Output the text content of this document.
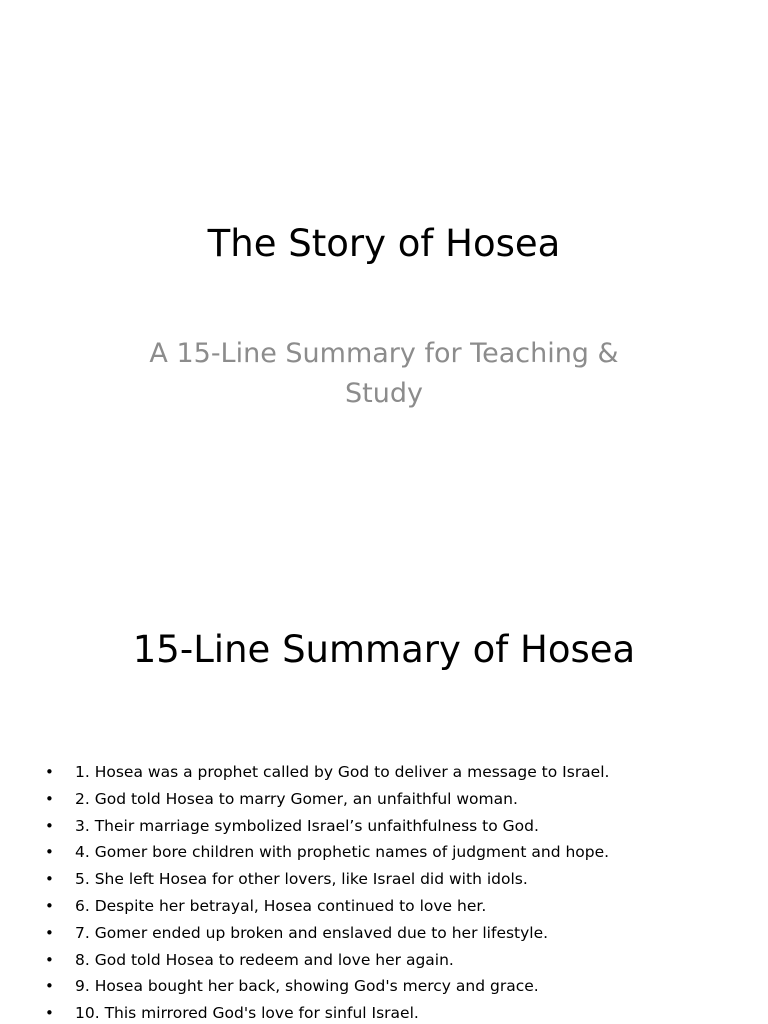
The Story of Hosea
A 15-Line Summary for Teaching & Study
15-Line Summary of Hosea
• 1. Hosea was a prophet called by God to deliver a message to Israel.
• 2. God told Hosea to marry Gomer, an unfaithful woman.
• 3. Their marriage symbolized Israel’s unfaithfulness to God.
• 4. Gomer bore children with prophetic names of judgment and hope.
• 5. She left Hosea for other lovers, like Israel did with idols.
• 6. Despite her betrayal, Hosea continued to love her.
• 7. Gomer ended up broken and enslaved due to her lifestyle.
• 8. God told Hosea to redeem and love her again.
• 9. Hosea bought her back, showing God's mercy and grace.
• 10. This mirrored God's love for sinful Israel.
